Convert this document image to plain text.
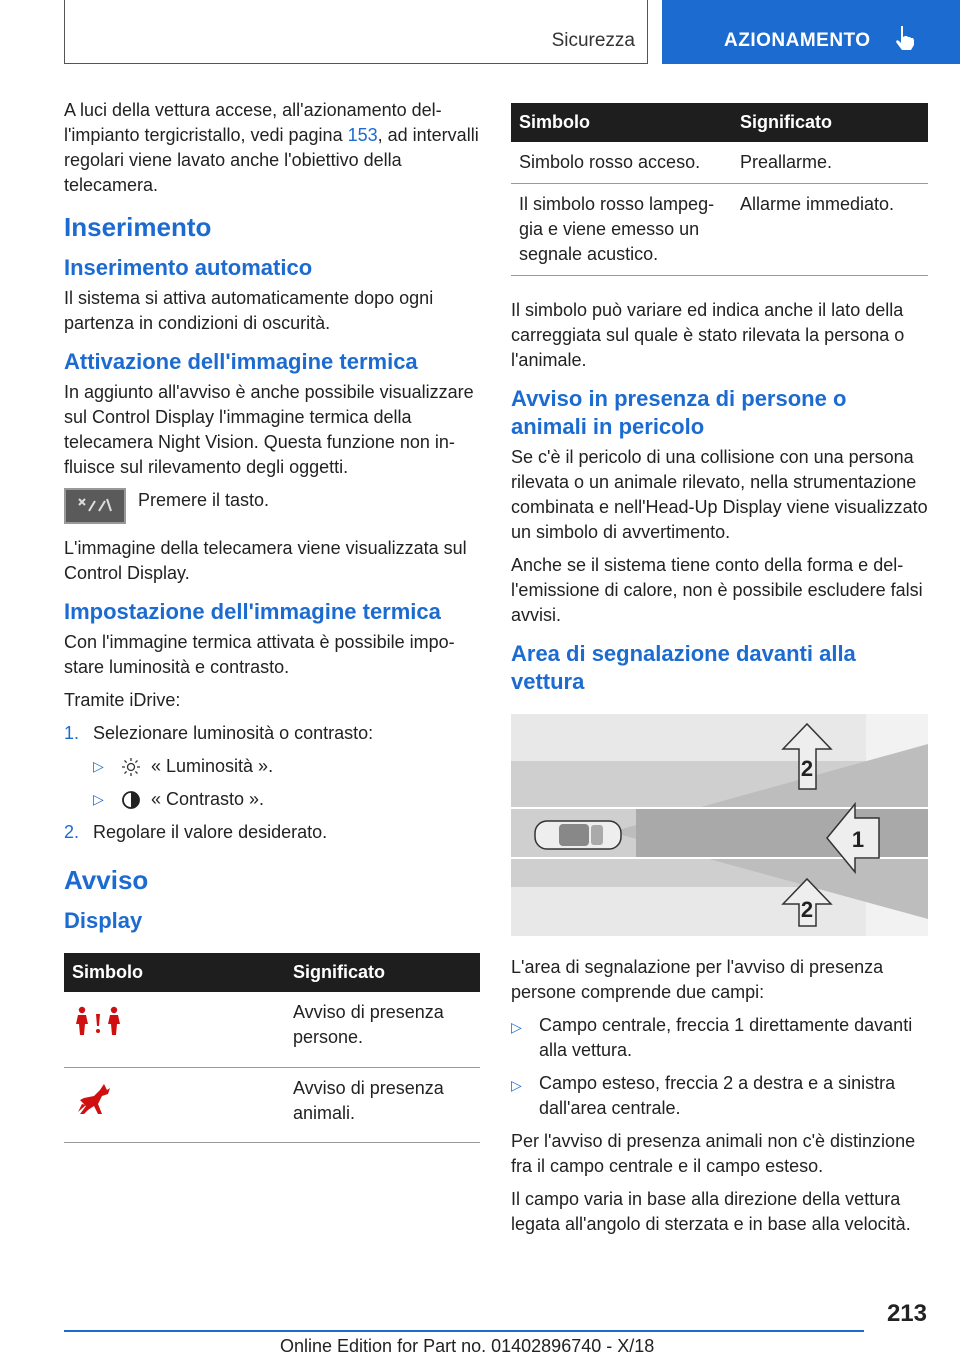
Sicurezza	AZIONAMENTO

A luci della vettura accese, all'azionamento dell'impianto tergicristallo, vedi pagina 153, ad intervalli regolari viene lavato anche l'obiettivo della telecamera.

Inserimento
Inserimento automatico

Il sistema si attiva automaticamente dopo ogni partenza in condizioni di oscurità.

Attivazione dell'immagine termica

In aggiunto all'avviso è anche possibile visualizzare sul Control Display l'immagine termica della telecamera Night Vision. Questa funzione non influisce sul rilevamento degli oggetti.

Premere il tasto.

L'immagine della telecamera viene visualizzata sul Control Display.

Impostazione dell'immagine termica

Con l'immagine termica attivata è possibile impostare luminosità e contrasto.

Tramite iDrive:

1. Selezionare luminosità o contrasto:
▷	« Luminosità ».
▷	« Contrasto ».
2. Regolare il valore desiderato.
Avviso
Display
Simbolo	Significato
	Avviso di presenza persone.
	Avviso di presenza animali.
Simbolo	Significato
Simbolo rosso acceso.	Preallarme.
Il simbolo rosso lampeggia e viene emesso un segnale acustico.	Allarme immediato.

Il simbolo può variare ed indica anche il lato della carreggiata sul quale è stato rilevata la persona o l'animale.

Avviso in presenza di persone o animali in pericolo

Se c'è il pericolo di una collisione con una persona rilevata o un animale rilevato, nella strumentazione combinata e nell'Head-Up Display viene visualizzato un simbolo di avvertimento.

Anche se il sistema tiene conto della forma e dell'emissione di calore, non è possibile escludere falsi avvisi.

Area di segnalazione davanti alla vettura
2
1
2

L'area di segnalazione per l'avviso di presenza persone comprende due campi:

▷ Campo centrale, freccia 1 direttamente davanti alla vettura.
▷ Campo esteso, freccia 2 a destra e a sinistra dall'area centrale.

Per l'avviso di presenza animali non c'è distinzione fra il campo centrale e il campo esteso.

Il campo varia in base alla direzione della vettura legata all'angolo di sterzata e in base alla velocità.

213
Online Edition for Part no. 01402896740 - X/18
